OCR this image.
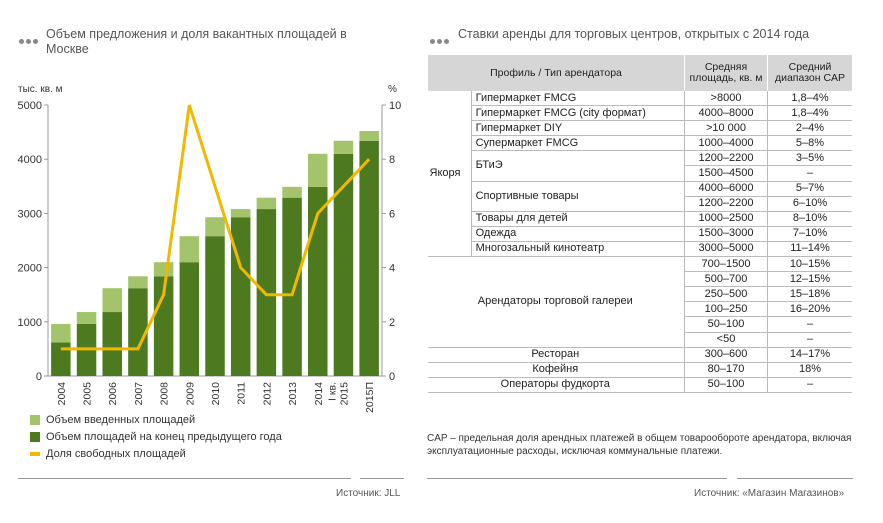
Объем предложения и доля вакантных площадей в Москве
тыс. кв. м	%
0
1000
2000
3000
4000
5000
0
2
4
6
8
10
2004 2005 2006 2007 2008 2009 2010 2011 2012 2013 2014 2015 2015П
I кв.
Объем введенных площадей
Объем площадей на конец предыдущего года
Доля свободных площадей
Источник: JLL
Ставки аренды для торговых центров, открытых с 2014 года
Профиль / Тип арендатора		Средняя площадь, кв. м	Средний диапазон CAP
Якоря	Гипермаркет FMCG	>8000	1,8–4%
	Гипермаркет FMCG (city формат)	4000–8000	1,8–4%
	Гипермаркет DIY	>10 000	2–4%
	Супермаркет FMCG	1000–4000	5–8%
	БТиЭ	1200–2200	3–5%
		1500–4500	–
	Спортивные товары	4000–6000	5–7%
		1200–2200	6–10%
	Товары для детей	1000–2500	8–10%
	Одежда	1500–3000	7–10%
	Многозальный кинотеатр	3000–5000	11–14%
Арендаторы торговой галереи		700–1500	10–15%
		500–700	12–15%
		250–500	15–18%
		100–250	16–20%
		50–100	–
		<50	–
Ресторан		300–600	14–17%
Кофейня		80–170	18%
Операторы фудкорта		50–100	–
CAP – предельная доля арендных платежей в общем товарообороте арендатора, включая эксплуатационные расходы, исключая коммунальные платежи.
Источник: «Магазин Магазинов»
